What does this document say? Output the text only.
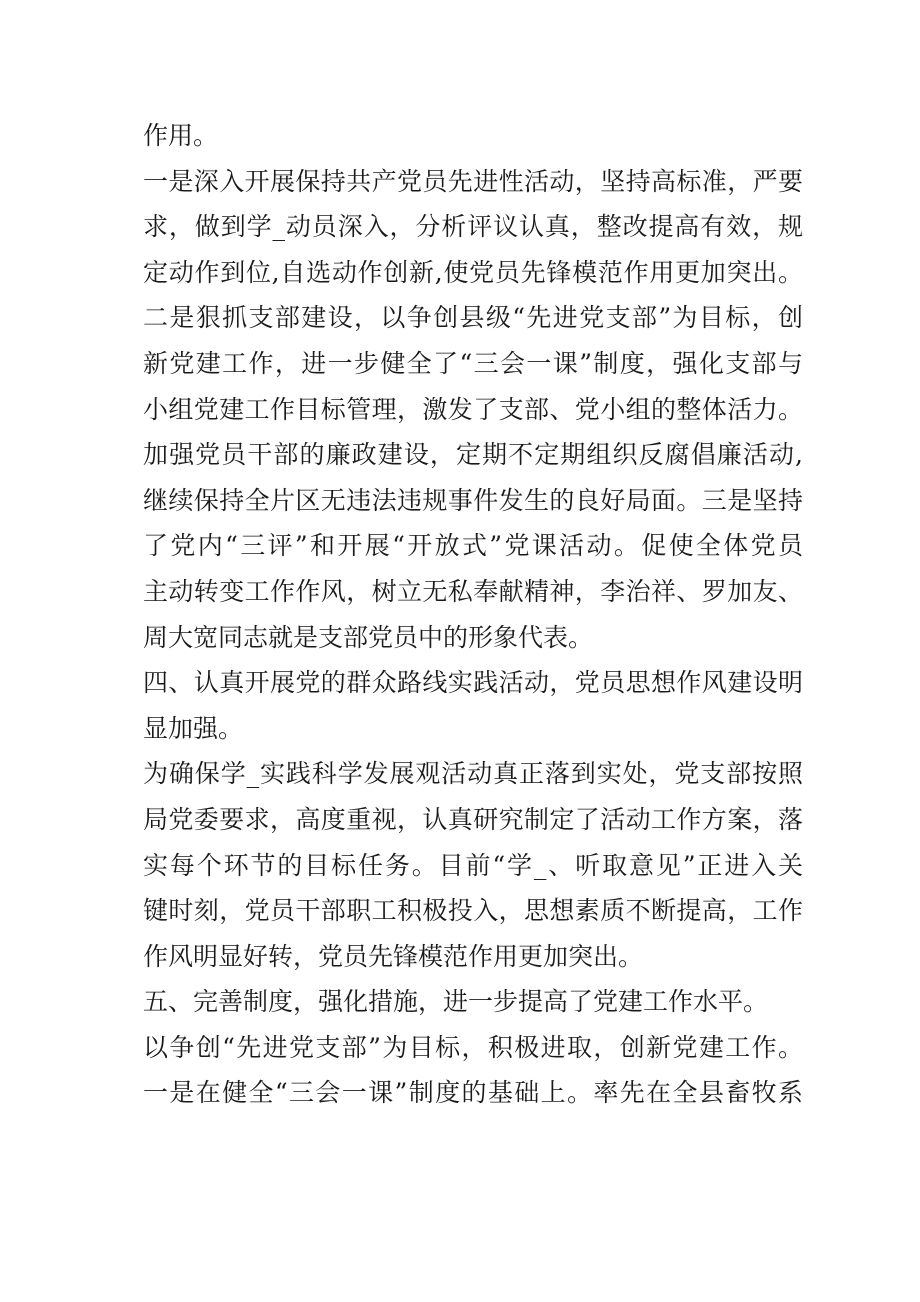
作用。
一是深入开展保持共产党员先进性活动，坚持高标准，严要
求，做到学_动员深入，分析评议认真，整改提高有效，规
定动作到位,自选动作创新,使党员先锋模范作用更加突出。
二是狠抓支部建设，以争创县级“先进党支部”为目标，创
新党建工作，进一步健全了“三会一课”制度，强化支部与
小组党建工作目标管理，激发了支部、党小组的整体活力。
加强党员干部的廉政建设，定期不定期组织反腐倡廉活动,
继续保持全片区无违法违规事件发生的良好局面。三是坚持
了党内“三评”和开展“开放式”党课活动。促使全体党员
主动转变工作作风，树立无私奉献精神，李治祥、罗加友、
周大宽同志就是支部党员中的形象代表。
四、认真开展党的群众路线实践活动，党员思想作风建设明
显加强。
为确保学_实践科学发展观活动真正落到实处，党支部按照
局党委要求，高度重视，认真研究制定了活动工作方案，落
实每个环节的目标任务。目前“学_、听取意见”正进入关
键时刻，党员干部职工积极投入，思想素质不断提高，工作
作风明显好转，党员先锋模范作用更加突出。
五、完善制度，强化措施，进一步提高了党建工作水平。
以争创“先进党支部”为目标，积极进取，创新党建工作。
一是在健全“三会一课”制度的基础上。率先在全县畜牧系
